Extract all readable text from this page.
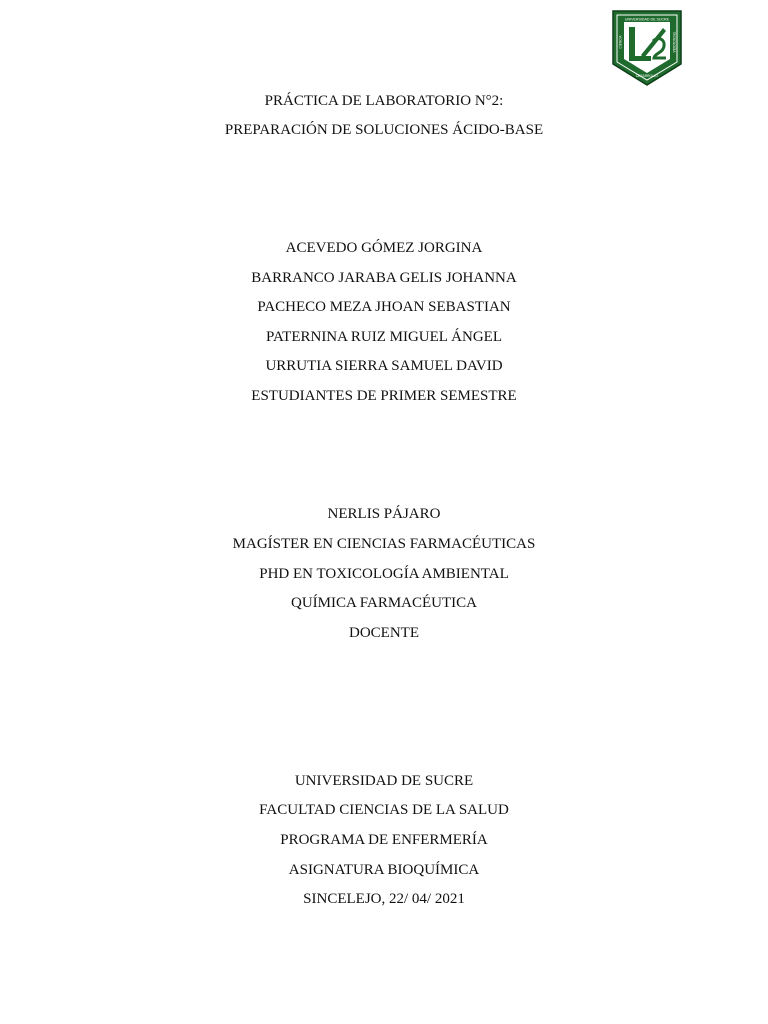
UNIVERSIDAD DE SUCRE
CIENCIA	TECNOLOGÍA
DESARROLLO
PRÁCTICA DE LABORATORIO N°2:
PREPARACIÓN DE SOLUCIONES ÁCIDO-BASE
ACEVEDO GÓMEZ JORGINA
BARRANCO JARABA GELIS JOHANNA
PACHECO MEZA JHOAN SEBASTIAN
PATERNINA RUIZ MIGUEL ÁNGEL
URRUTIA SIERRA SAMUEL DAVID
ESTUDIANTES DE PRIMER SEMESTRE
NERLIS PÁJARO
MAGÍSTER EN CIENCIAS FARMACÉUTICAS
PHD EN TOXICOLOGÍA AMBIENTAL
QUÍMICA FARMACÉUTICA
DOCENTE
UNIVERSIDAD DE SUCRE
FACULTAD CIENCIAS DE LA SALUD
PROGRAMA DE ENFERMERÍA
ASIGNATURA BIOQUÍMICA
SINCELEJO, 22/ 04/ 2021
